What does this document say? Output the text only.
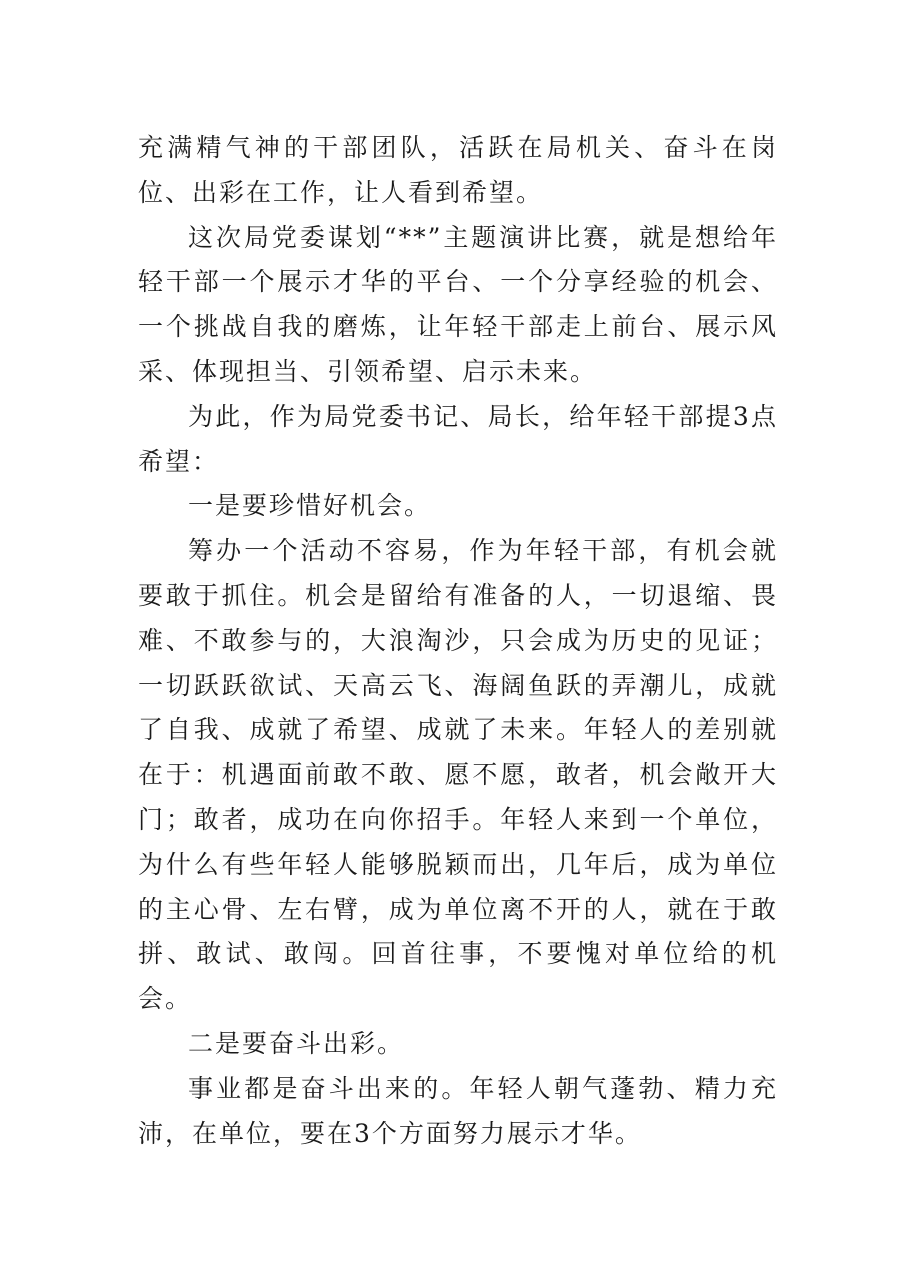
充满精气神的干部团队，活跃在局机关、奋斗在岗位、出彩在工作，让人看到希望。

这次局党委谋划“**”主题演讲比赛，就是想给年轻干部一个展示才华的平台、一个分享经验的机会、一个挑战自我的磨炼，让年轻干部走上前台、展示风采、体现担当、引领希望、启示未来。

为此，作为局党委书记、局长，给年轻干部提3点希望：

一是要珍惜好机会。

筹办一个活动不容易，作为年轻干部，有机会就要敢于抓住。机会是留给有准备的人，一切退缩、畏难、不敢参与的，大浪淘沙，只会成为历史的见证；一切跃跃欲试、天高云飞、海阔鱼跃的弄潮儿，成就了自我、成就了希望、成就了未来。年轻人的差别就在于：机遇面前敢不敢、愿不愿，敢者，机会敞开大门；敢者，成功在向你招手。年轻人来到一个单位，为什么有些年轻人能够脱颖而出，几年后，成为单位的主心骨、左右臂，成为单位离不开的人，就在于敢拼、敢试、敢闯。回首往事，不要愧对单位给的机会。

二是要奋斗出彩。

事业都是奋斗出来的。年轻人朝气蓬勃、精力充沛，在单位，要在3个方面努力展示才华。
